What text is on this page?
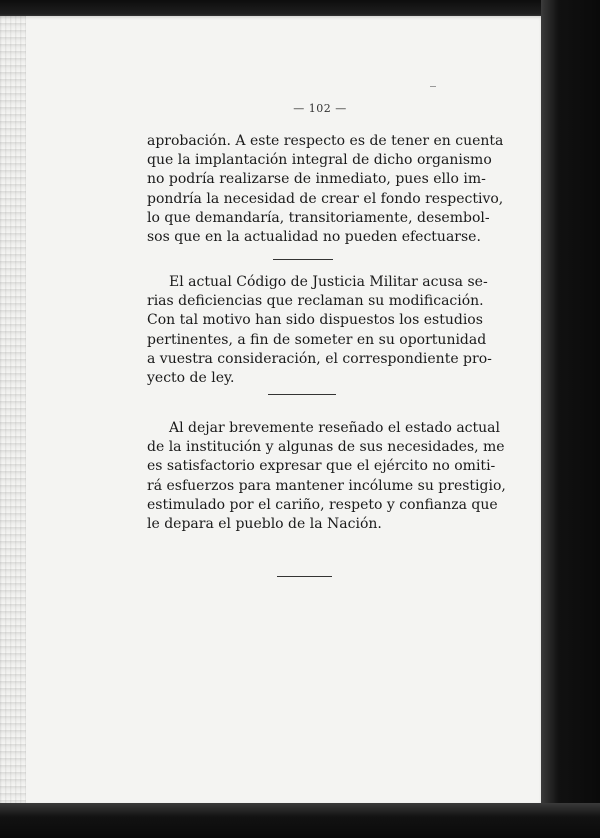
— 102 —
aprobación. A este respecto es de tener en cuenta
que la implantación integral de dicho organismo
no podría realizarse de inmediato, pues ello im-
pondría la necesidad de crear el fondo respectivo,
lo que demandaría, transitoriamente, desembol-
sos que en la actualidad no pueden efectuarse.
El actual Código de Justicia Militar acusa se-
rias deficiencias que reclaman su modificación.
Con tal motivo han sido dispuestos los estudios
pertinentes, a fin de someter en su oportunidad
a vuestra consideración, el correspondiente pro-
yecto de ley.
Al dejar brevemente reseñado el estado actual
de la institución y algunas de sus necesidades, me
es satisfactorio expresar que el ejército no omiti-
rá esfuerzos para mantener incólume su prestigio,
estimulado por el cariño, respeto y confianza que
le depara el pueblo de la Nación.
